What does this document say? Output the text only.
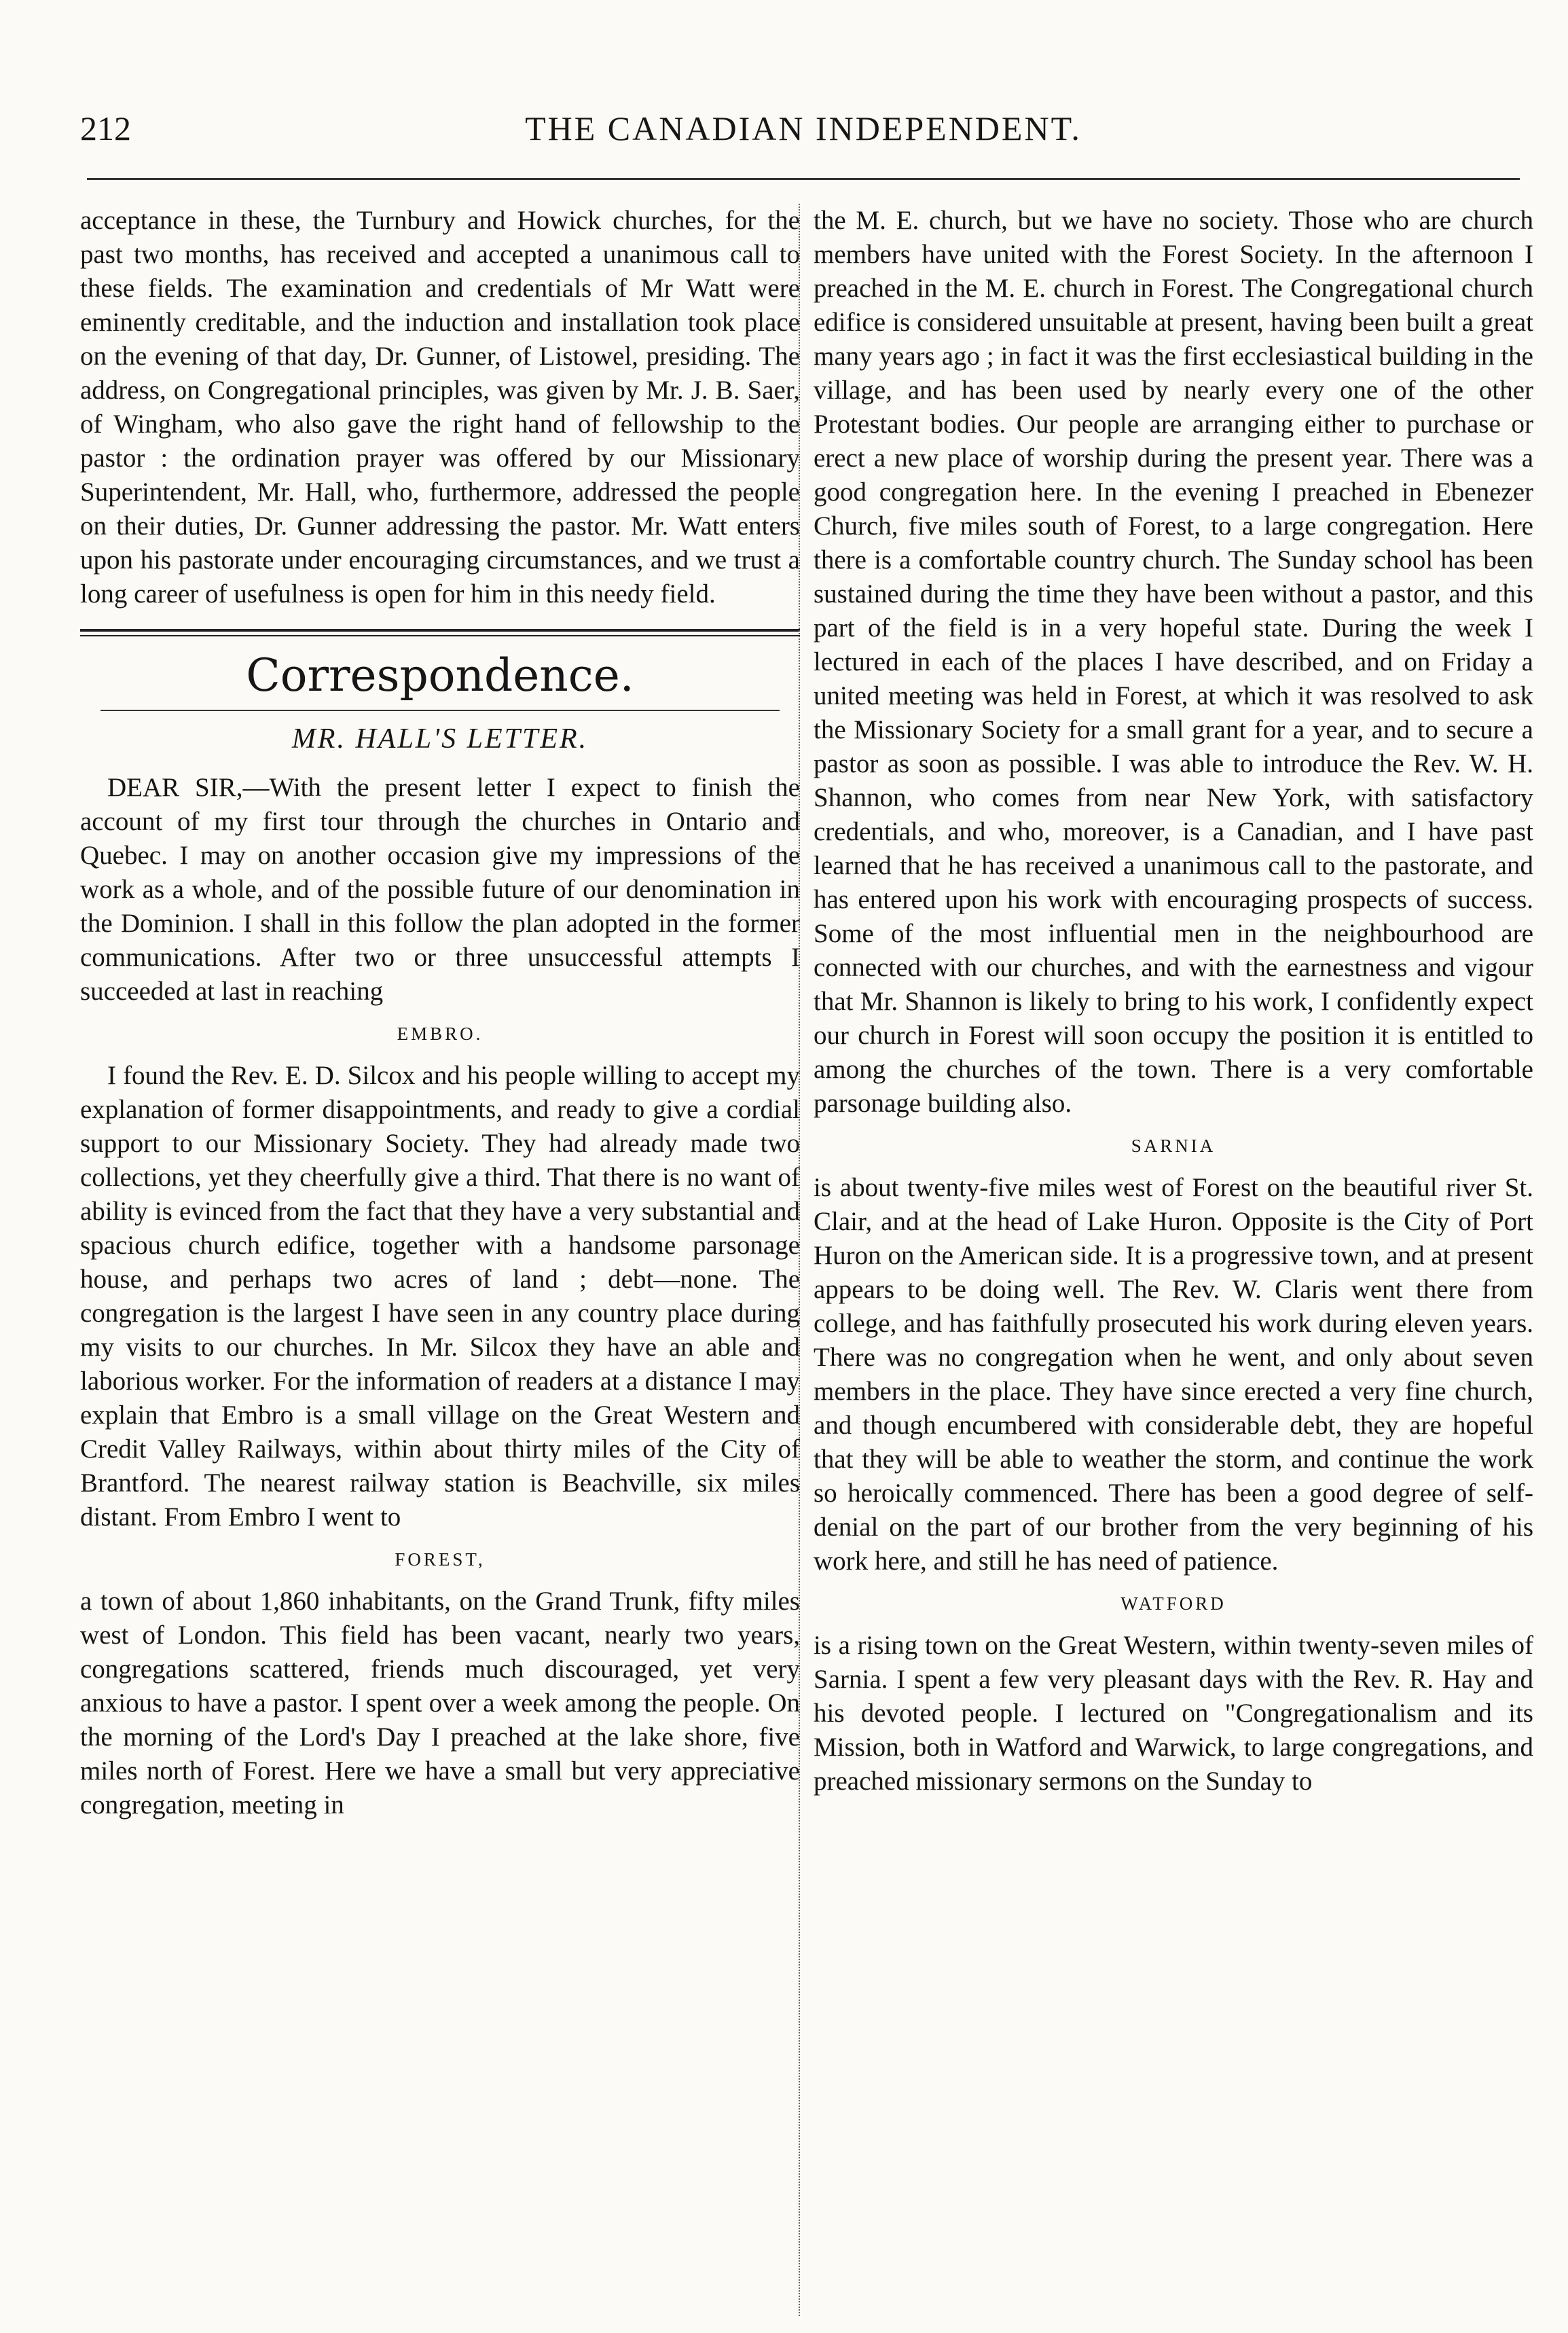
212	THE CANADIAN INDEPENDENT.

acceptance in these, the Turnbury and Howick churches, for the past two months, has received and accepted a unanimous call to these fields. The examination and credentials of Mr Watt were eminently creditable, and the induction and installation took place on the evening of that day, Dr. Gunner, of Listowel, presiding. The address, on Congregational principles, was given by Mr. J. B. Saer, of Wingham, who also gave the right hand of fellowship to the pastor : the ordination prayer was offered by our Missionary Superintendent, Mr. Hall, who, furthermore, addressed the people on their duties, Dr. Gunner addressing the pastor. Mr. Watt enters upon his pastorate under encouraging circumstances, and we trust a long career of usefulness is open for him in this needy field.

Correspondence.
MR. HALL'S LETTER.

DEAR SIR,—With the present letter I expect to finish the account of my first tour through the churches in Ontario and Quebec. I may on another occasion give my impressions of the work as a whole, and of the possible future of our denomination in the Dominion. I shall in this follow the plan adopted in the former communications. After two or three unsuccessful attempts I succeeded at last in reaching

EMBRO.

I found the Rev. E. D. Silcox and his people willing to accept my explanation of former disappointments, and ready to give a cordial support to our Missionary Society. They had already made two collections, yet they cheerfully give a third. That there is no want of ability is evinced from the fact that they have a very substantial and spacious church edifice, together with a handsome parsonage house, and perhaps two acres of land ; debt—none. The congregation is the largest I have seen in any country place during my visits to our churches. In Mr. Silcox they have an able and laborious worker. For the information of readers at a distance I may explain that Embro is a small village on the Great Western and Credit Valley Railways, within about thirty miles of the City of Brantford. The nearest railway station is Beachville, six miles distant. From Embro I went to

FOREST,

a town of about 1,860 inhabitants, on the Grand Trunk, fifty miles west of London. This field has been vacant, nearly two years, congregations scattered, friends much discouraged, yet very anxious to have a pastor. I spent over a week among the people. On the morning of the Lord's Day I preached at the lake shore, five miles north of Forest. Here we have a small but very appreciative congregation, meeting in

the M. E. church, but we have no society. Those who are church members have united with the Forest Society. In the afternoon I preached in the M. E. church in Forest. The Congregational church edifice is considered unsuitable at present, having been built a great many years ago ; in fact it was the first ecclesiastical building in the village, and has been used by nearly every one of the other Protestant bodies. Our people are arranging either to purchase or erect a new place of worship during the present year. There was a good congregation here. In the evening I preached in Ebenezer Church, five miles south of Forest, to a large congregation. Here there is a comfortable country church. The Sunday school has been sustained during the time they have been without a pastor, and this part of the field is in a very hopeful state. During the week I lectured in each of the places I have described, and on Friday a united meeting was held in Forest, at which it was resolved to ask the Missionary Society for a small grant for a year, and to secure a pastor as soon as possible. I was able to introduce the Rev. W. H. Shannon, who comes from near New York, with satisfactory credentials, and who, moreover, is a Canadian, and I have past learned that he has received a unanimous call to the pastorate, and has entered upon his work with encouraging prospects of success. Some of the most influential men in the neighbourhood are connected with our churches, and with the earnestness and vigour that Mr. Shannon is likely to bring to his work, I confidently expect our church in Forest will soon occupy the position it is entitled to among the churches of the town. There is a very comfortable parsonage building also.

SARNIA

is about twenty-five miles west of Forest on the beautiful river St. Clair, and at the head of Lake Huron. Opposite is the City of Port Huron on the American side. It is a progressive town, and at present appears to be doing well. The Rev. W. Claris went there from college, and has faithfully prosecuted his work during eleven years. There was no congregation when he went, and only about seven members in the place. They have since erected a very fine church, and though encumbered with considerable debt, they are hopeful that they will be able to weather the storm, and continue the work so heroically commenced. There has been a good degree of self-denial on the part of our brother from the very beginning of his work here, and still he has need of patience.

WATFORD

is a rising town on the Great Western, within twenty-seven miles of Sarnia. I spent a few very pleasant days with the Rev. R. Hay and his devoted people. I lectured on "Congregationalism and its Mission, both in Watford and Warwick, to large congregations, and preached missionary sermons on the Sunday to
